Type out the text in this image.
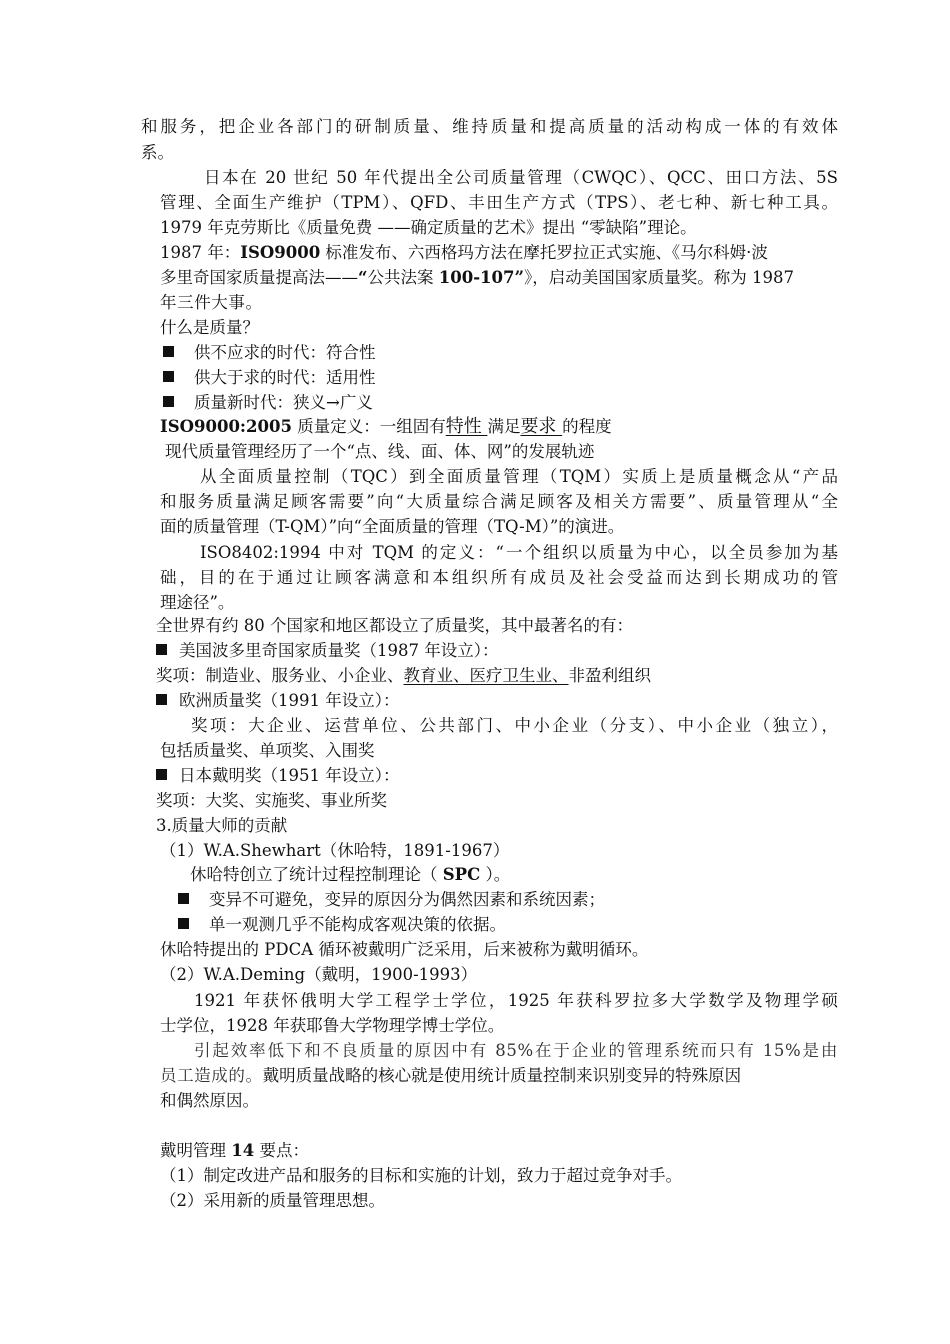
和服务，把企业各部门的研制质量、维持质量和提高质量的活动构成一体的有效体
系。
日本在 20 世纪 50 年代提出全公司质量管理（CWQC）、QCC、田口方法、5S
管理、全面生产维护（TPM）、QFD、丰田生产方式（TPS）、老七种、新七种工具。
1979 年克劳斯比《质量免费 ——确定质量的艺术》提出 “零缺陷”理论。
1987 年：ISO9000 标准发布、六西格玛方法在摩托罗拉正式实施、《马尔科姆·波
多里奇国家质量提高法——“公共法案 100-107”》，启动美国国家质量奖。称为 1987
年三件大事。
什么是质量？
供不应求的时代：符合性
供大于求的时代：适用性
质量新时代：狭义→广义
ISO9000:2005 质量定义：一组固有特性 满足要求 的程度
现代质量管理经历了一个“点、线、面、体、网”的发展轨迹
从全面质量控制（TQC）到全面质量管理（TQM）实质上是质量概念从“产品
和服务质量满足顾客需要”向“大质量综合满足顾客及相关方需要”、质量管理从“全
面的质量管理（T-QM）”向“全面质量的管理（TQ-M）”的演进。
ISO8402:1994 中对 TQM 的定义：“一个组织以质量为中心，以全员参加为基
础，目的在于通过让顾客满意和本组织所有成员及社会受益而达到长期成功的管
理途径”。
全世界有约 80 个国家和地区都设立了质量奖，其中最著名的有：
美国波多里奇国家质量奖（1987 年设立）：
奖项：制造业、服务业、小企业、教育业、医疗卫生业、非盈利组织
欧洲质量奖（1991 年设立）：
奖项：大企业、运营单位、公共部门、中小企业（分支）、中小企业（独立），
包括质量奖、单项奖、入围奖
日本戴明奖（1951 年设立）：
奖项：大奖、实施奖、事业所奖
3.质量大师的贡献
（1）W.A.Shewhart（休哈特，1891-1967）
休哈特创立了统计过程控制理论（ SPC ）。
变异不可避免，变异的原因分为偶然因素和系统因素；
单一观测几乎不能构成客观决策的依据。
休哈特提出的 PDCA 循环被戴明广泛采用，后来被称为戴明循环。
（2）W.A.Deming（戴明，1900-1993）
1921 年获怀俄明大学工程学士学位，1925 年获科罗拉多大学数学及物理学硕
士学位，1928 年获耶鲁大学物理学博士学位。
引起效率低下和不良质量的原因中有 85%在于企业的管理系统而只有 15%是由
员工造成的。戴明质量战略的核心就是使用统计质量控制来识别变异的特殊原因
和偶然原因。
戴明管理 14 要点：
（1）制定改进产品和服务的目标和实施的计划，致力于超过竞争对手。
（2）采用新的质量管理思想。
